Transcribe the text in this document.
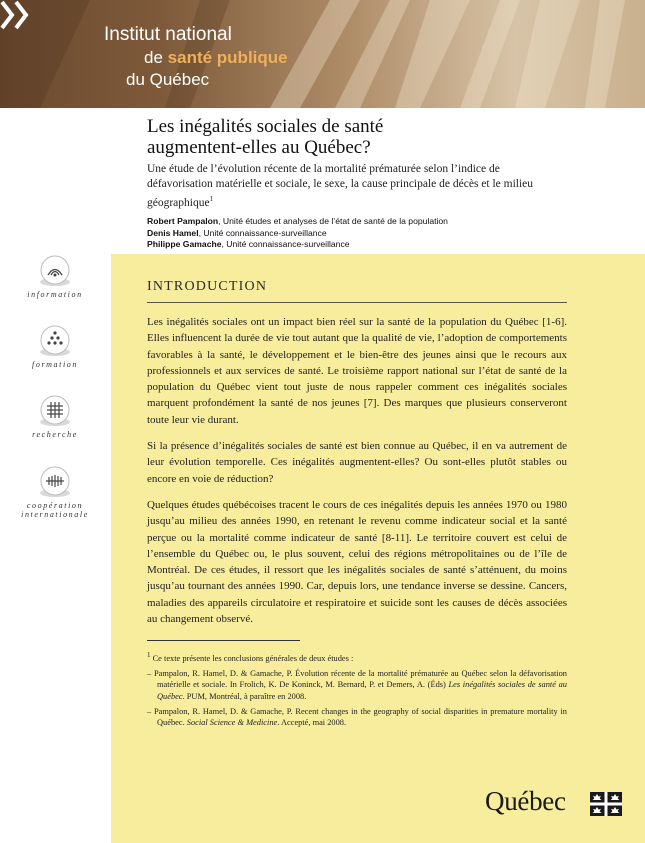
Institut national
de santé publique
du Québec
Les inégalités sociales de santé
augmentent-elles au Québec?
Une étude de l’évolution récente de la mortalité prématurée selon l’indice de défavorisation matérielle et sociale, le sexe, la cause principale de décès et le milieu géographique$^1$
Robert Pampalon, Unité études et analyses de l’état de santé de la population
Denis Hamel, Unité connaissance-surveillance
Philippe Gamache, Unité connaissance-surveillance
information
formation
recherche
coopération
internationale
INTRODUCTION

Les inégalités sociales ont un impact bien réel sur la santé de la population du Québec [1-6]. Elles influencent la durée de vie tout autant que la qualité de vie, l’adoption de comportements favorables à la santé, le développement et le bien-être des jeunes ainsi que le recours aux professionnels et aux services de santé. Le troisième rapport national sur l’état de santé de la population du Québec vient tout juste de nous rappeler comment ces inégalités sociales marquent profondément la santé de nos jeunes [7]. Des marques que plusieurs conserveront toute leur vie durant.

Si la présence d’inégalités sociales de santé est bien connue au Québec, il en va autrement de leur évolution temporelle. Ces inégalités augmentent-elles? Ou sont-elles plutôt stables ou encore en voie de réduction?

Quelques études québécoises tracent le cours de ces inégalités depuis les années 1970 ou 1980 jusqu’au milieu des années 1990, en retenant le revenu comme indicateur social et la santé perçue ou la mortalité comme indicateur de santé [8-11]. Le territoire couvert est celui de l’ensemble du Québec ou, le plus souvent, celui des régions métropolitaines ou de l’île de Montréal. De ces études, il ressort que les inégalités sociales de santé s’atténuent, du moins jusqu’au tournant des années 1990. Car, depuis lors, une tendance inverse se dessine. Cancers, maladies des appareils circulatoire et respiratoire et suicide sont les causes de décès associées au changement observé.

$^1$ Ce texte présente les conclusions générales de deux études :

– Pampalon, R. Hamel, D. & Gamache, P. Évolution récente de la mortalité prématurée au Québec selon la défavorisation matérielle et sociale. In Frolich, K. De Koninck, M. Bernard, P. et Demers, A. (Éds) Les inégalités sociales de santé au Québec. PUM, Montréal, à paraître en 2008.

– Pampalon, R. Hamel, D. & Gamache, P. Recent changes in the geography of social disparities in premature mortality in Québec. Social Science & Medicine. Accepté, mai 2008.

Québec
